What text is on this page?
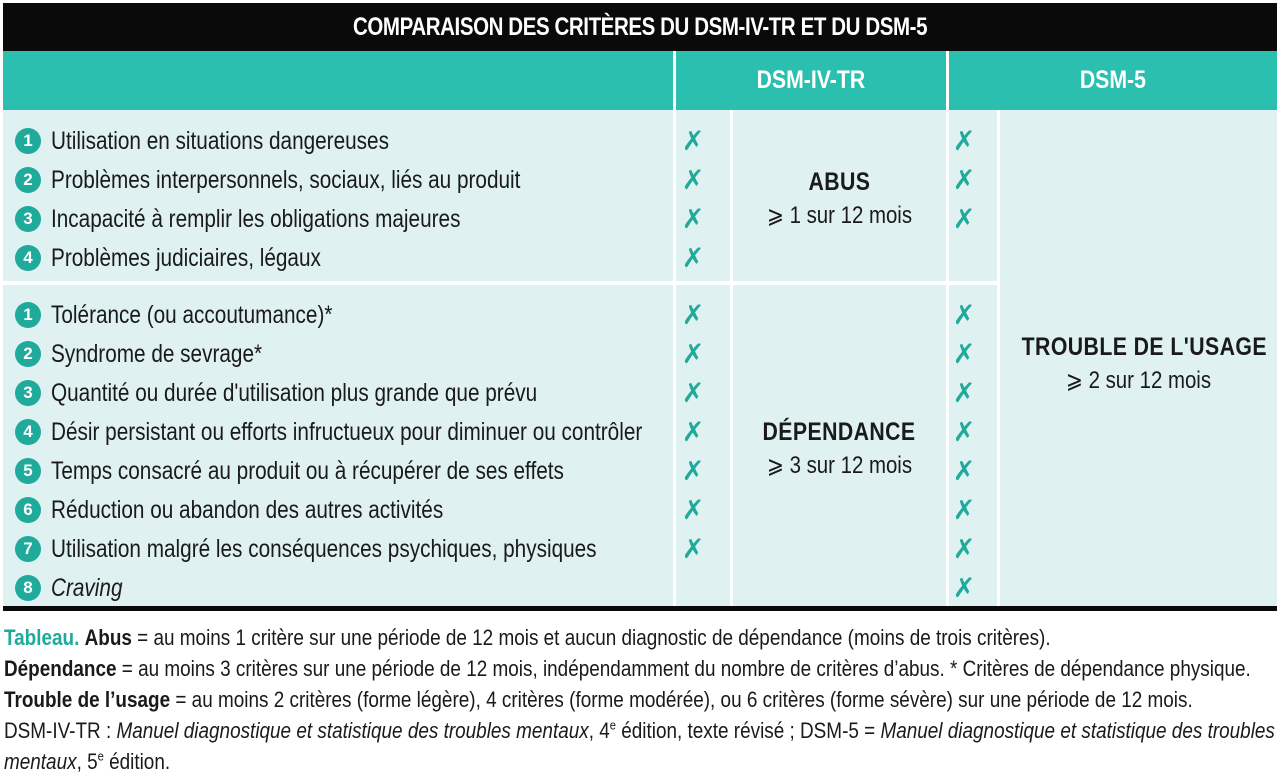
COMPARAISON DES CRITÈRES DU DSM-IV-TR ET DU DSM-5
DSM-IV-TR	DSM-5
1 Utilisation en situations dangereuses
2 Problèmes interpersonnels, sociaux, liés au produit
3 Incapacité à remplir les obligations majeures
4 Problèmes judiciaires, légaux
✗
✗
✗
✗
✗
✗
✗
ABUS
⩾ 1 sur 12 mois
1 Tolérance (ou accoutumance)*
2 Syndrome de sevrage*
3 Quantité ou durée d'utilisation plus grande que prévu
4 Désir persistant ou efforts infructueux pour diminuer ou contrôler
5 Temps consacré au produit ou à récupérer de ses effets
6 Réduction ou abandon des autres activités
7 Utilisation malgré les conséquences psychiques, physiques
8 Craving
✗
✗
✗
✗
✗
✗
✗
✗
✗
✗
✗
✗
✗
✗
✗
DÉPENDANCE
⩾ 3 sur 12 mois
TROUBLE DE L'USAGE
⩾ 2 sur 12 mois
Tableau. Abus = au moins 1 critère sur une période de 12 mois et aucun diagnostic de dépendance (moins de trois critères).
Dépendance = au moins 3 critères sur une période de 12 mois, indépendamment du nombre de critères d’abus. * Critères de dépendance physique.
Trouble de l’usage = au moins 2 critères (forme légère), 4 critères (forme modérée), ou 6 critères (forme sévère) sur une période de 12 mois.
DSM-IV-TR : Manuel diagnostique et statistique des troubles mentaux, 4e édition, texte révisé ; DSM-5 = Manuel diagnostique et statistique des troubles
mentaux, 5e édition.
